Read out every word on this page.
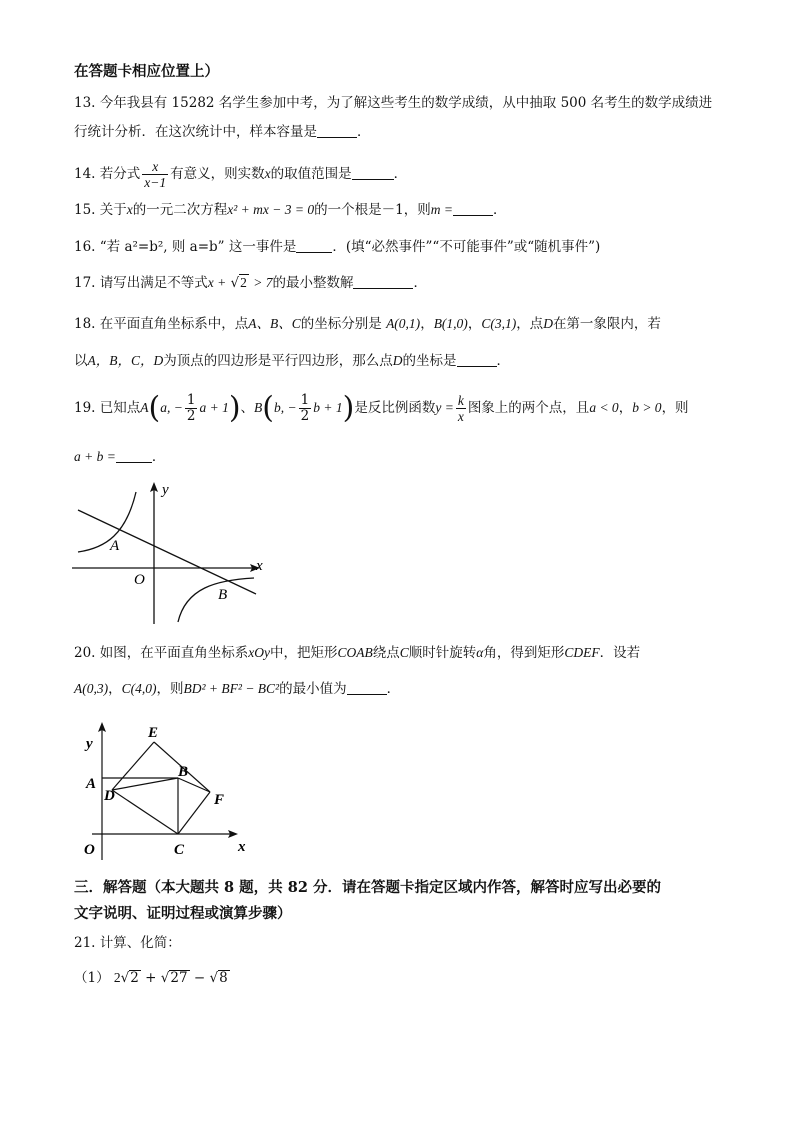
在答题卡相应位置上）
13. 今年我县有 15282 名学生参加中考，为了解这些考生的数学成绩，从中抽取 500 名考生的数学成绩进
行统计分析．在这次统计中，样本容量是	．
14. 若分式 $\frac{x}{x-1}$ 有意义，则实数x的取值范围是	．
15. 关于x的一元二次方程x² + mx − 3 = 0的一个根是－1，则m =	．
16. “若 a²=b², 则 a=b” 这一事件是	．(填“必然事件”“不可能事件”或“随机事件”)
17. 请写出满足不等式x + √2 > 7的最小整数解	．
18. 在平面直角坐标系中，点A、B、C的坐标分别是 A(0,1)，B(1,0)，C(3,1)，点D在第一象限内，若
以A，B，C，D为顶点的四边形是平行四边形，那么点D的坐标是	．
19. 已知点A(a, − $\frac{1}{2}$ a + 1)、B(b, − $\frac{1}{2}$ b + 1)是反比例函数$y = \frac{k}{x}$ 图象上的两个点，且a < 0，b > 0，则
a + b =	．
y
x
O
A
B
20. 如图，在平面直角坐标系xOy中，把矩形COAB绕点C顺时针旋转α角，得到矩形CDEF．设若
A(0,3)，C(4,0)，则BD² + BF² − BC²的最小值为	．
y
x
O
A
B
C
D
E
F
三．解答题（本大题共 8 题，共 82 分．请在答题卡指定区域内作答，解答时应写出必要的
文字说明、证明过程或演算步骤）
21. 计算、化简：
（1） 2√2 + √27 − √8
